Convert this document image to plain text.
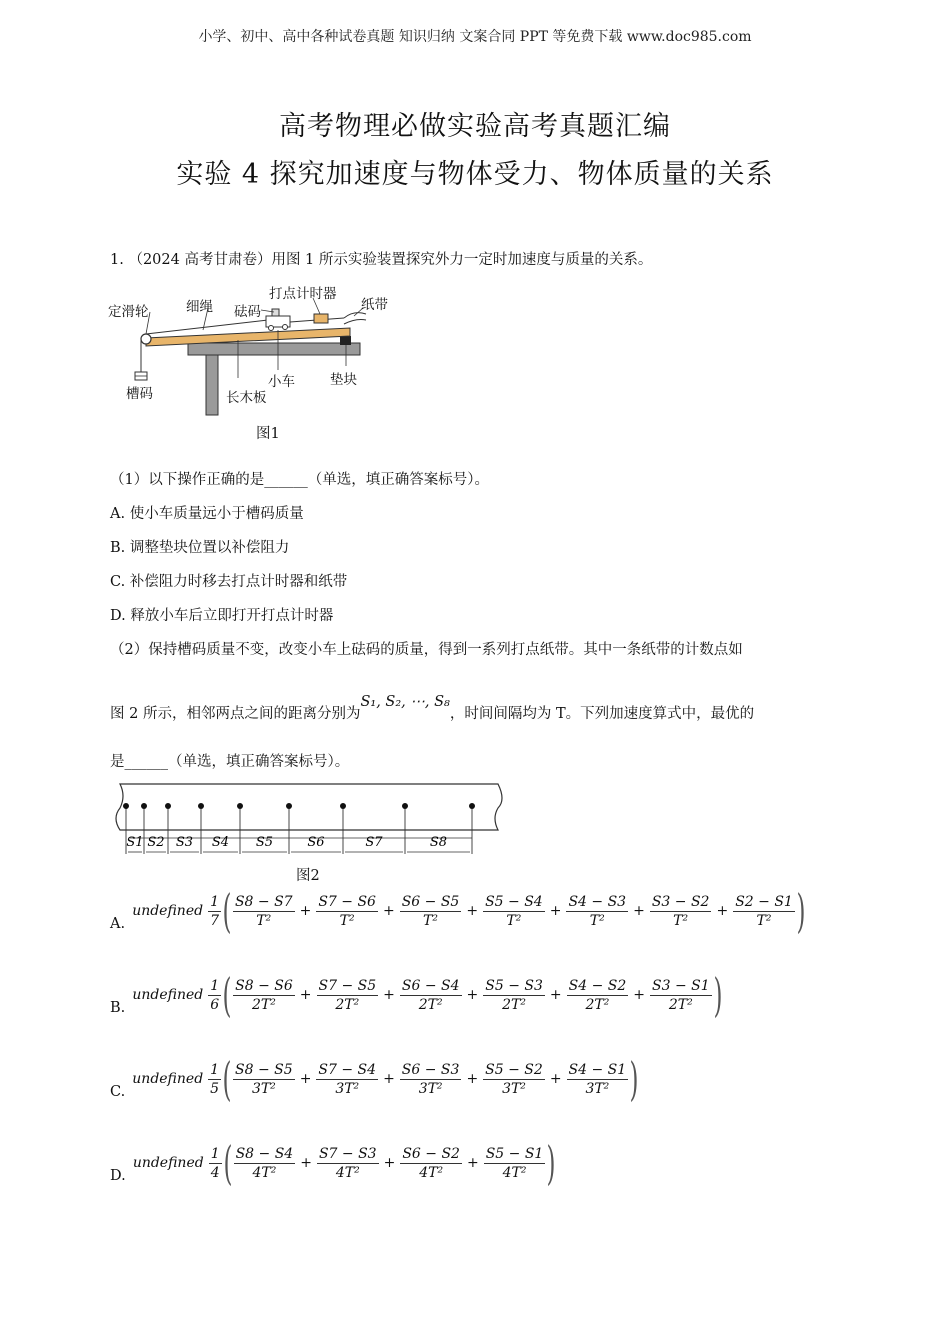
小学、初中、高中各种试卷真题 知识归纳 文案合同 PPT 等免费下载 www.doc985.com
高考物理必做实验高考真题汇编
实验 4 探究加速度与物体受力、物体质量的关系
1. （2024 高考甘肃卷）用图 1 所示实验装置探究外力一定时加速度与质量的关系。
定滑轮	细绳 砝码
打点计时器
纸带
槽码	长木板
小车	垫块
图1
（1）以下操作正确的是______（单选，填正确答案标号）。
A. 使小车质量远小于槽码质量
B. 调整垫块位置以补偿阻力
C. 补偿阻力时移去打点计时器和纸带
D. 释放小车后立即打开打点计时器
（2）保持槽码质量不变，改变小车上砝码的质量，得到一系列打点纸带。其中一条纸带的计数点如
图 2 所示，相邻两点之间的距离分别为S₁, S₂, ⋯, S₈，时间间隔均为 T。下列加速度算式中，最优的
是______（单选，填正确答案标号）。
S1 S2 S3 S4 S5	S6	S7	S8
图2
A. undefined $\frac{1}{7}$ ( $\frac{S8 - S7}{\text{T²}} + \frac{S7 - S6}{\text{T²}} + \frac{S6 - S5}{\text{T²}} + \frac{S5 - S4}{\text{T²}} + \frac{S4 - S3}{\text{T²}} + \frac{S3 - S2}{\text{T²}} + \frac{S2 - S1}{\text{T²}}$ )
B. undefined $\frac{1}{6}$ ( $\frac{S8 - S6}{\text{2T²}} + \frac{S7 - S5}{\text{2T²}} + \frac{S6 - S4}{\text{2T²}} + \frac{S5 - S3}{\text{2T²}} + \frac{S4 - S2}{\text{2T²}} + \frac{S3 - S1}{\text{2T²}}$ )
C. undefined $\frac{1}{5}$ ( $\frac{S8 - S5}{\text{3T²}} + \frac{S7 - S4}{\text{3T²}} + \frac{S6 - S3}{\text{3T²}} + \frac{S5 - S2}{\text{3T²}} + \frac{S4 - S1}{\text{3T²}}$ )
D. undefined $\frac{1}{4}$ ( $\frac{S8 - S4}{\text{4T²}} + \frac{S7 - S3}{\text{4T²}} + \frac{S6 - S2}{\text{4T²}} + \frac{S5 - S1}{\text{4T²}}$ )
